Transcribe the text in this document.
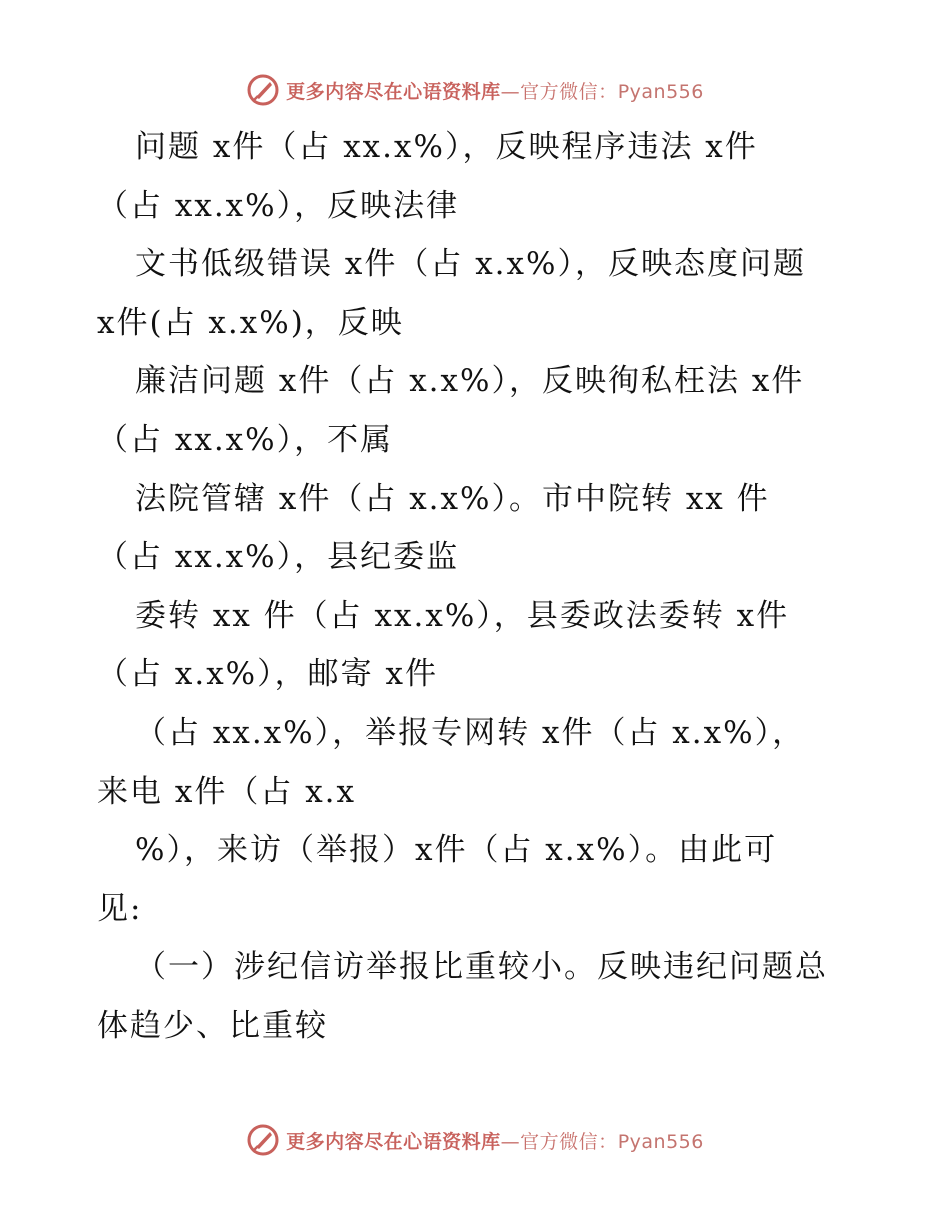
更多内容尽在心语资料库—官方微信：Pyan556
问题 x件（占 xx.x%），反映程序违法 x件
（占 xx.x%），反映法律
文书低级错误 x件（占 x.x%），反映态度问题
x件(占 x.x%)，反映
廉洁问题 x件（占 x.x%），反映徇私枉法 x件
（占 xx.x%），不属
法院管辖 x件（占 x.x%）。市中院转 xx 件
（占 xx.x%），县纪委监
委转 xx 件（占 xx.x%），县委政法委转 x件
（占 x.x%），邮寄 x件
（占 xx.x%），举报专网转 x件（占 x.x%），
来电 x件（占 x.x
%），来访（举报）x件（占 x.x%）。由此可
见:
（一）涉纪信访举报比重较小。反映违纪问题总
体趋少、比重较
更多内容尽在心语资料库—官方微信：Pyan556
